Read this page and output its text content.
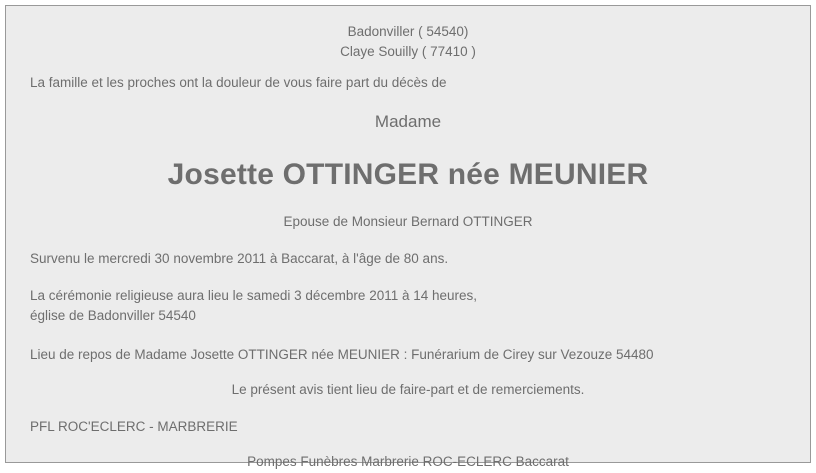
Badonviller ( 54540)
Claye Souilly ( 77410 )
La famille et les proches ont la douleur de vous faire part du décès de
Madame
Josette OTTINGER née MEUNIER
Epouse de Monsieur Bernard OTTINGER
Survenu le mercredi 30 novembre 2011 à Baccarat, à l'âge de 80 ans.
La cérémonie religieuse aura lieu le samedi 3 décembre 2011 à 14 heures,
église de Badonviller 54540
Lieu de repos de Madame Josette OTTINGER née MEUNIER : Funérarium de Cirey sur Vezouze 54480
Le présent avis tient lieu de faire-part et de remerciements.
PFL ROC'ECLERC - MARBRERIE
Pompes Funèbres Marbrerie ROC-ECLERC Baccarat
